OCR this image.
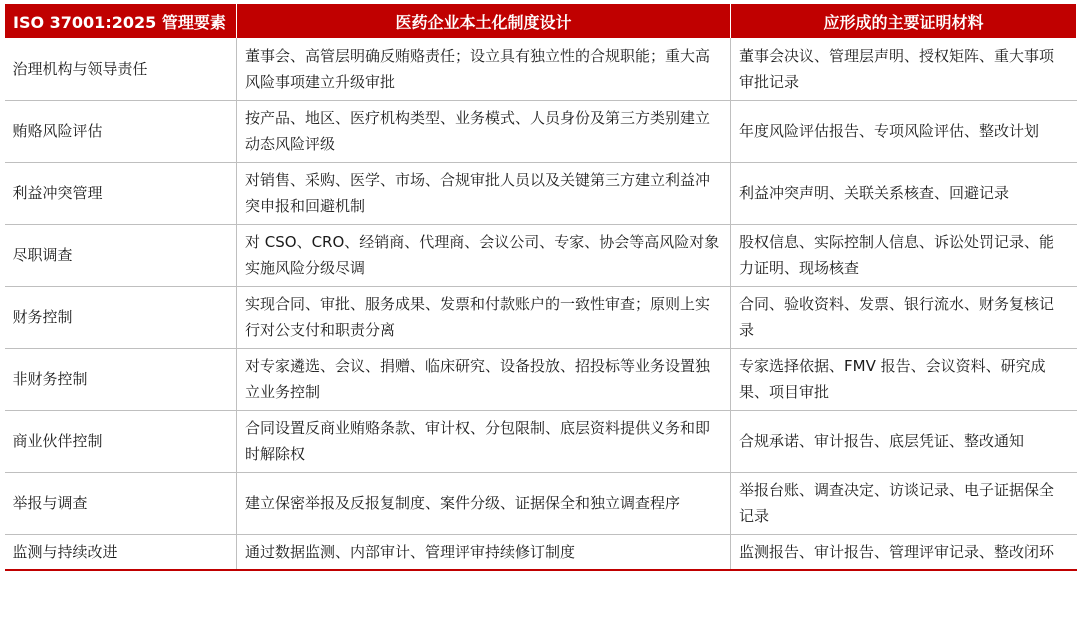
ISO 37001:2025 管理要素	医药企业本土化制度设计	应形成的主要证明材料
治理机构与领导责任	董事会、高管层明确反贿赂责任；设立具有独立性的合规职能；重大高风险事项建立升级审批	董事会决议、管理层声明、授权矩阵、重大事项审批记录
贿赂风险评估	按产品、地区、医疗机构类型、业务模式、人员身份及第三方类别建立动态风险评级	年度风险评估报告、专项风险评估、整改计划
利益冲突管理	对销售、采购、医学、市场、合规审批人员以及关键第三方建立利益冲突申报和回避机制	利益冲突声明、关联关系核查、回避记录
尽职调查	对 CSO、CRO、经销商、代理商、会议公司、专家、协会等高风险对象实施风险分级尽调	股权信息、实际控制人信息、诉讼处罚记录、能力证明、现场核查
财务控制	实现合同、审批、服务成果、发票和付款账户的一致性审查；原则上实行对公支付和职责分离	合同、验收资料、发票、银行流水、财务复核记录
非财务控制	对专家遴选、会议、捐赠、临床研究、设备投放、招投标等业务设置独立业务控制	专家选择依据、FMV 报告、会议资料、研究成果、项目审批
商业伙伴控制	合同设置反商业贿赂条款、审计权、分包限制、底层资料提供义务和即时解除权	合规承诺、审计报告、底层凭证、整改通知
举报与调查	建立保密举报及反报复制度、案件分级、证据保全和独立调查程序	举报台账、调查决定、访谈记录、电子证据保全记录
监测与持续改进	通过数据监测、内部审计、管理评审持续修订制度	监测报告、审计报告、管理评审记录、整改闭环
